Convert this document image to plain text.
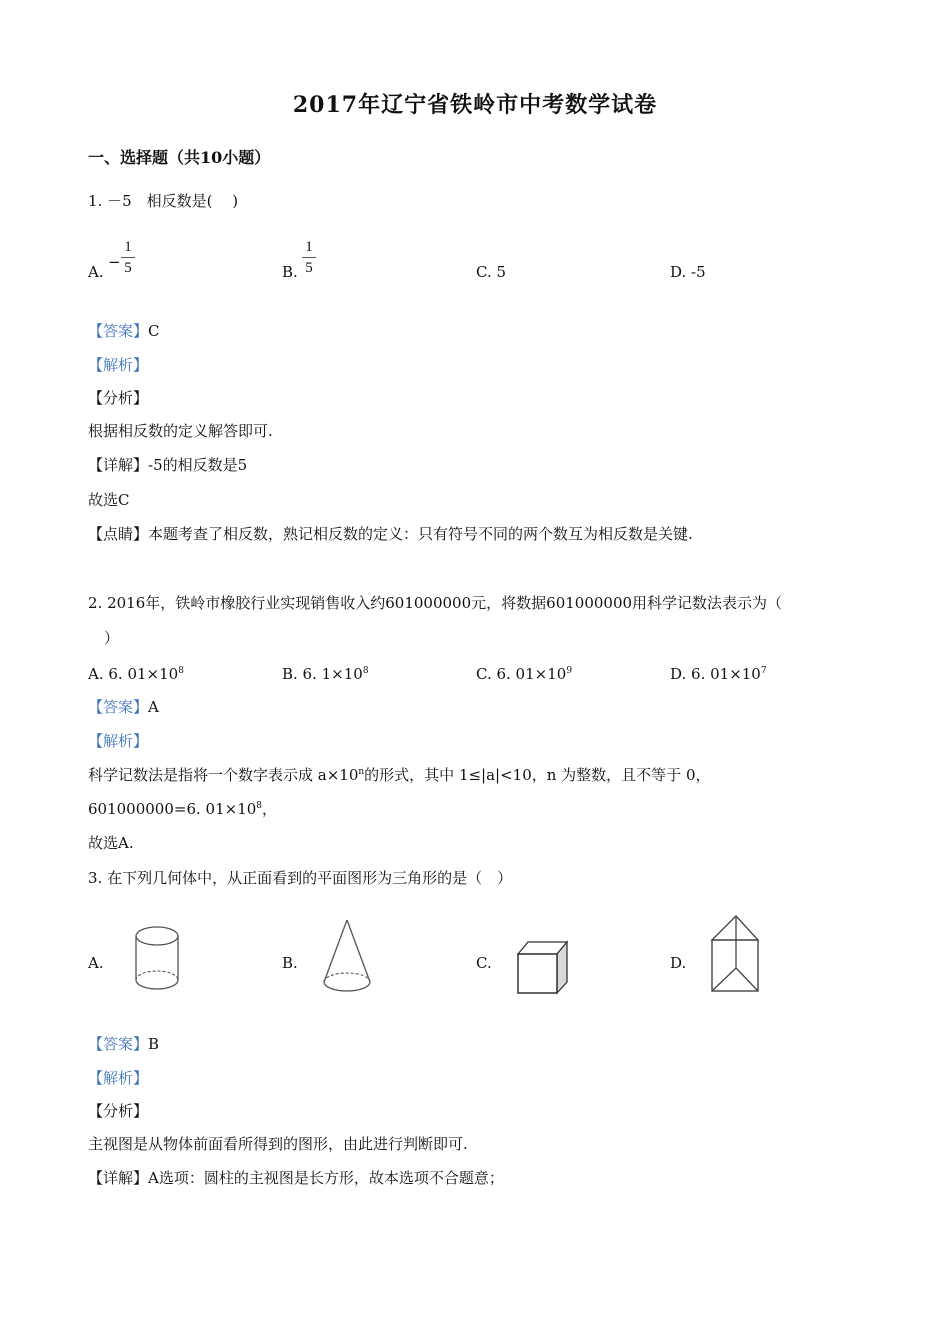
2017年辽宁省铁岭市中考数学试卷
一、选择题（共10小题）
1. －5　相反数是(　 )
A.
−
1
5	B.
1
5	C. 5	D. -5
【答案】C
【解析】
【分析】
根据相反数的定义解答即可.
【详解】-5的相反数是5
故选C
【点睛】本题考查了相反数，熟记相反数的定义：只有符号不同的两个数互为相反数是关键.
2. 2016年，铁岭市橡胶行业实现销售收入约601000000元，将数据601000000用科学记数法表示为（
）
A. 6. $01\times 10^8$	B. 6. $1\times 10^8$	C. 6. $01\times 10^9$	D. 6. $01\times 10^7$
【答案】A
【解析】
科学记数法是指将一个数字表示成 $a\times 10^n$的形式，其中 1≤|a|<10，n 为整数，且不等于 0，
601000000=6. $01\times 10^8$，
故选A.
3. 在下列几何体中，从正面看到的平面图形为三角形的是（　）
A.	B.	C.	D.
【答案】B
【解析】
【分析】
主视图是从物体前面看所得到的图形，由此进行判断即可.
【详解】A选项：圆柱的主视图是长方形，故本选项不合题意；
